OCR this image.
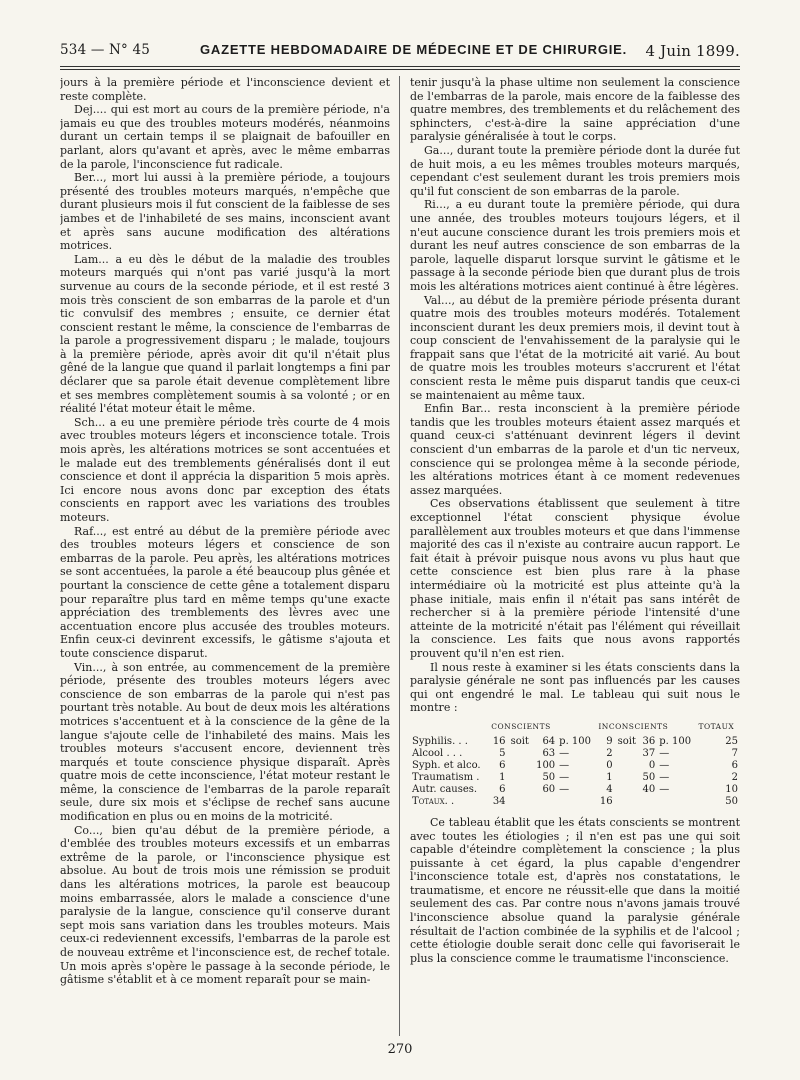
534 — N° 45	GAZETTE HEBDOMADAIRE DE MÉDECINE ET DE CHIRURGIE. 4 Juin 1899.

jours à la première période et l'inconscience devient et reste complète.

Dej.... qui est mort au cours de la première période, n'a jamais eu que des troubles moteurs modérés, néanmoins durant un certain temps il se plaignait de bafouiller en parlant, alors qu'avant et après, avec le même embarras de la parole, l'inconscience fut radicale.

Ber..., mort lui aussi à la première période, a toujours présenté des troubles moteurs marqués, n'empêche que durant plusieurs mois il fut conscient de la faiblesse de ses jambes et de l'inhabileté de ses mains, inconscient avant et après sans aucune modification des altérations motrices.

Lam... a eu dès le début de la maladie des troubles moteurs marqués qui n'ont pas varié jusqu'à la mort survenue au cours de la seconde période, et il est resté 3 mois très conscient de son embarras de la parole et d'un tic convulsif des membres ; ensuite, ce dernier état conscient restant le même, la conscience de l'embarras de la parole a progressivement disparu ; le malade, toujours à la première période, après avoir dit qu'il n'était plus gêné de la langue que quand il parlait longtemps a fini par déclarer que sa parole était devenue complètement libre et ses membres complètement soumis à sa volonté ; or en réalité l'état moteur était le même.

Sch... a eu une première période très courte de 4 mois avec troubles moteurs légers et inconscience totale. Trois mois après, les altérations motrices se sont accentuées et le malade eut des tremblements généralisés dont il eut conscience et dont il apprécia la disparition 5 mois après. Ici encore nous avons donc par exception des états conscients en rapport avec les variations des troubles moteurs.

Raf..., est entré au début de la première période avec des troubles moteurs légers et conscience de son embarras de la parole. Peu après, les altérations motrices se sont accentuées, la parole a été beaucoup plus gênée et pourtant la conscience de cette gêne a totalement disparu pour reparaître plus tard en même temps qu'une exacte appréciation des tremblements des lèvres avec une accentuation encore plus accusée des troubles moteurs. Enfin ceux-ci devinrent excessifs, le gâtisme s'ajouta et toute conscience disparut.

Vin..., à son entrée, au commencement de la première période, présente des troubles moteurs légers avec conscience de son embarras de la parole qui n'est pas pourtant très notable. Au bout de deux mois les altérations motrices s'accentuent et à la conscience de la gêne de la langue s'ajoute celle de l'inhabileté des mains. Mais les troubles moteurs s'accusent encore, deviennent très marqués et toute conscience physique disparaît. Après quatre mois de cette inconscience, l'état moteur restant le même, la conscience de l'embarras de la parole reparaît seule, dure six mois et s'éclipse de rechef sans aucune modification en plus ou en moins de la motricité.

Co..., bien qu'au début de la première période, a d'emblée des troubles moteurs excessifs et un embarras extrême de la parole, or l'inconscience physique est absolue. Au bout de trois mois une rémission se produit dans les altérations motrices, la parole est beaucoup moins embarrassée, alors le malade a conscience d'une paralysie de la langue, conscience qu'il conserve durant sept mois sans variation dans les troubles moteurs. Mais ceux-ci redeviennent excessifs, l'embarras de la parole est de nouveau extrême et l'inconscience est, de rechef totale. Un mois après s'opère le passage à la seconde période, le gâtisme s'établit et à ce moment reparaît pour se main-

tenir jusqu'à la phase ultime non seulement la conscience de l'embarras de la parole, mais encore de la faiblesse des quatre membres, des tremblements et du relâchement des sphincters, c'est-à-dire la saine appréciation d'une paralysie généralisée à tout le corps.

Ga..., durant toute la première période dont la durée fut de huit mois, a eu les mêmes troubles moteurs marqués, cependant c'est seulement durant les trois premiers mois qu'il fut conscient de son embarras de la parole.

Ri..., a eu durant toute la première période, qui dura une année, des troubles moteurs toujours légers, et il n'eut aucune conscience durant les trois premiers mois et durant les neuf autres conscience de son embarras de la parole, laquelle disparut lorsque survint le gâtisme et le passage à la seconde période bien que durant plus de trois mois les altérations motrices aient continué à être légères.

Val..., au début de la première période présenta durant quatre mois des troubles moteurs modérés. Totalement inconscient durant les deux premiers mois, il devint tout à coup conscient de l'envahissement de la paralysie qui le frappait sans que l'état de la motricité ait varié. Au bout de quatre mois les troubles moteurs s'accrurent et l'état conscient resta le même puis disparut tandis que ceux-ci se maintenaient au même taux.

Enfin Bar... resta inconscient à la première période tandis que les troubles moteurs étaient assez marqués et quand ceux-ci s'atténuant devinrent légers il devint conscient d'un embarras de la parole et d'un tic nerveux, conscience qui se prolongea même à la seconde période, les altérations motrices étant à ce moment redevenues assez marquées.

Ces observations établissent que seulement à titre exceptionnel l'état conscient physique évolue parallèlement aux troubles moteurs et que dans l'immense majorité des cas il n'existe au contraire aucun rapport. Le fait était à prévoir puisque nous avons vu plus haut que cette conscience est bien plus rare à la phase intermédiaire où la motricité est plus atteinte qu'à la phase initiale, mais enfin il n'était pas sans intérêt de rechercher si à la première période l'intensité d'une atteinte de la motricité n'était pas l'élément qui réveillait la conscience. Les faits que nous avons rapportés prouvent qu'il n'en est rien.

Il nous reste à examiner si les états conscients dans la paralysie générale ne sont pas influencés par les causes qui ont engendré le mal. Le tableau qui suit nous le montre :

	CONSCIENTS				INCONSCIENTS				TOTAUX
Syphilis. . .	16	soit	64	p. 100	9	soit	36	p. 100	25
Alcool . . .	5		63	—	2		37	—	7
Syph. et alco.	6		100	—	0		0	—	6
Traumatism .	1		50	—	1		50	—	2
Autr. causes.	6		60	—	4		40	—	10
Totaux. .	34				16				50

Ce tableau établit que les états conscients se montrent avec toutes les étiologies ; il n'en est pas une qui soit capable d'éteindre complètement la conscience ; la plus puissante à cet égard, la plus capable d'engendrer l'inconscience totale est, d'après nos constatations, le traumatisme, et encore ne réussit-elle que dans la moitié seulement des cas. Par contre nous n'avons jamais trouvé l'inconscience absolue quand la paralysie générale résultait de l'action combinée de la syphilis et de l'alcool ; cette étiologie double serait donc celle qui favoriserait le plus la conscience comme le traumatisme l'inconscience.

270
